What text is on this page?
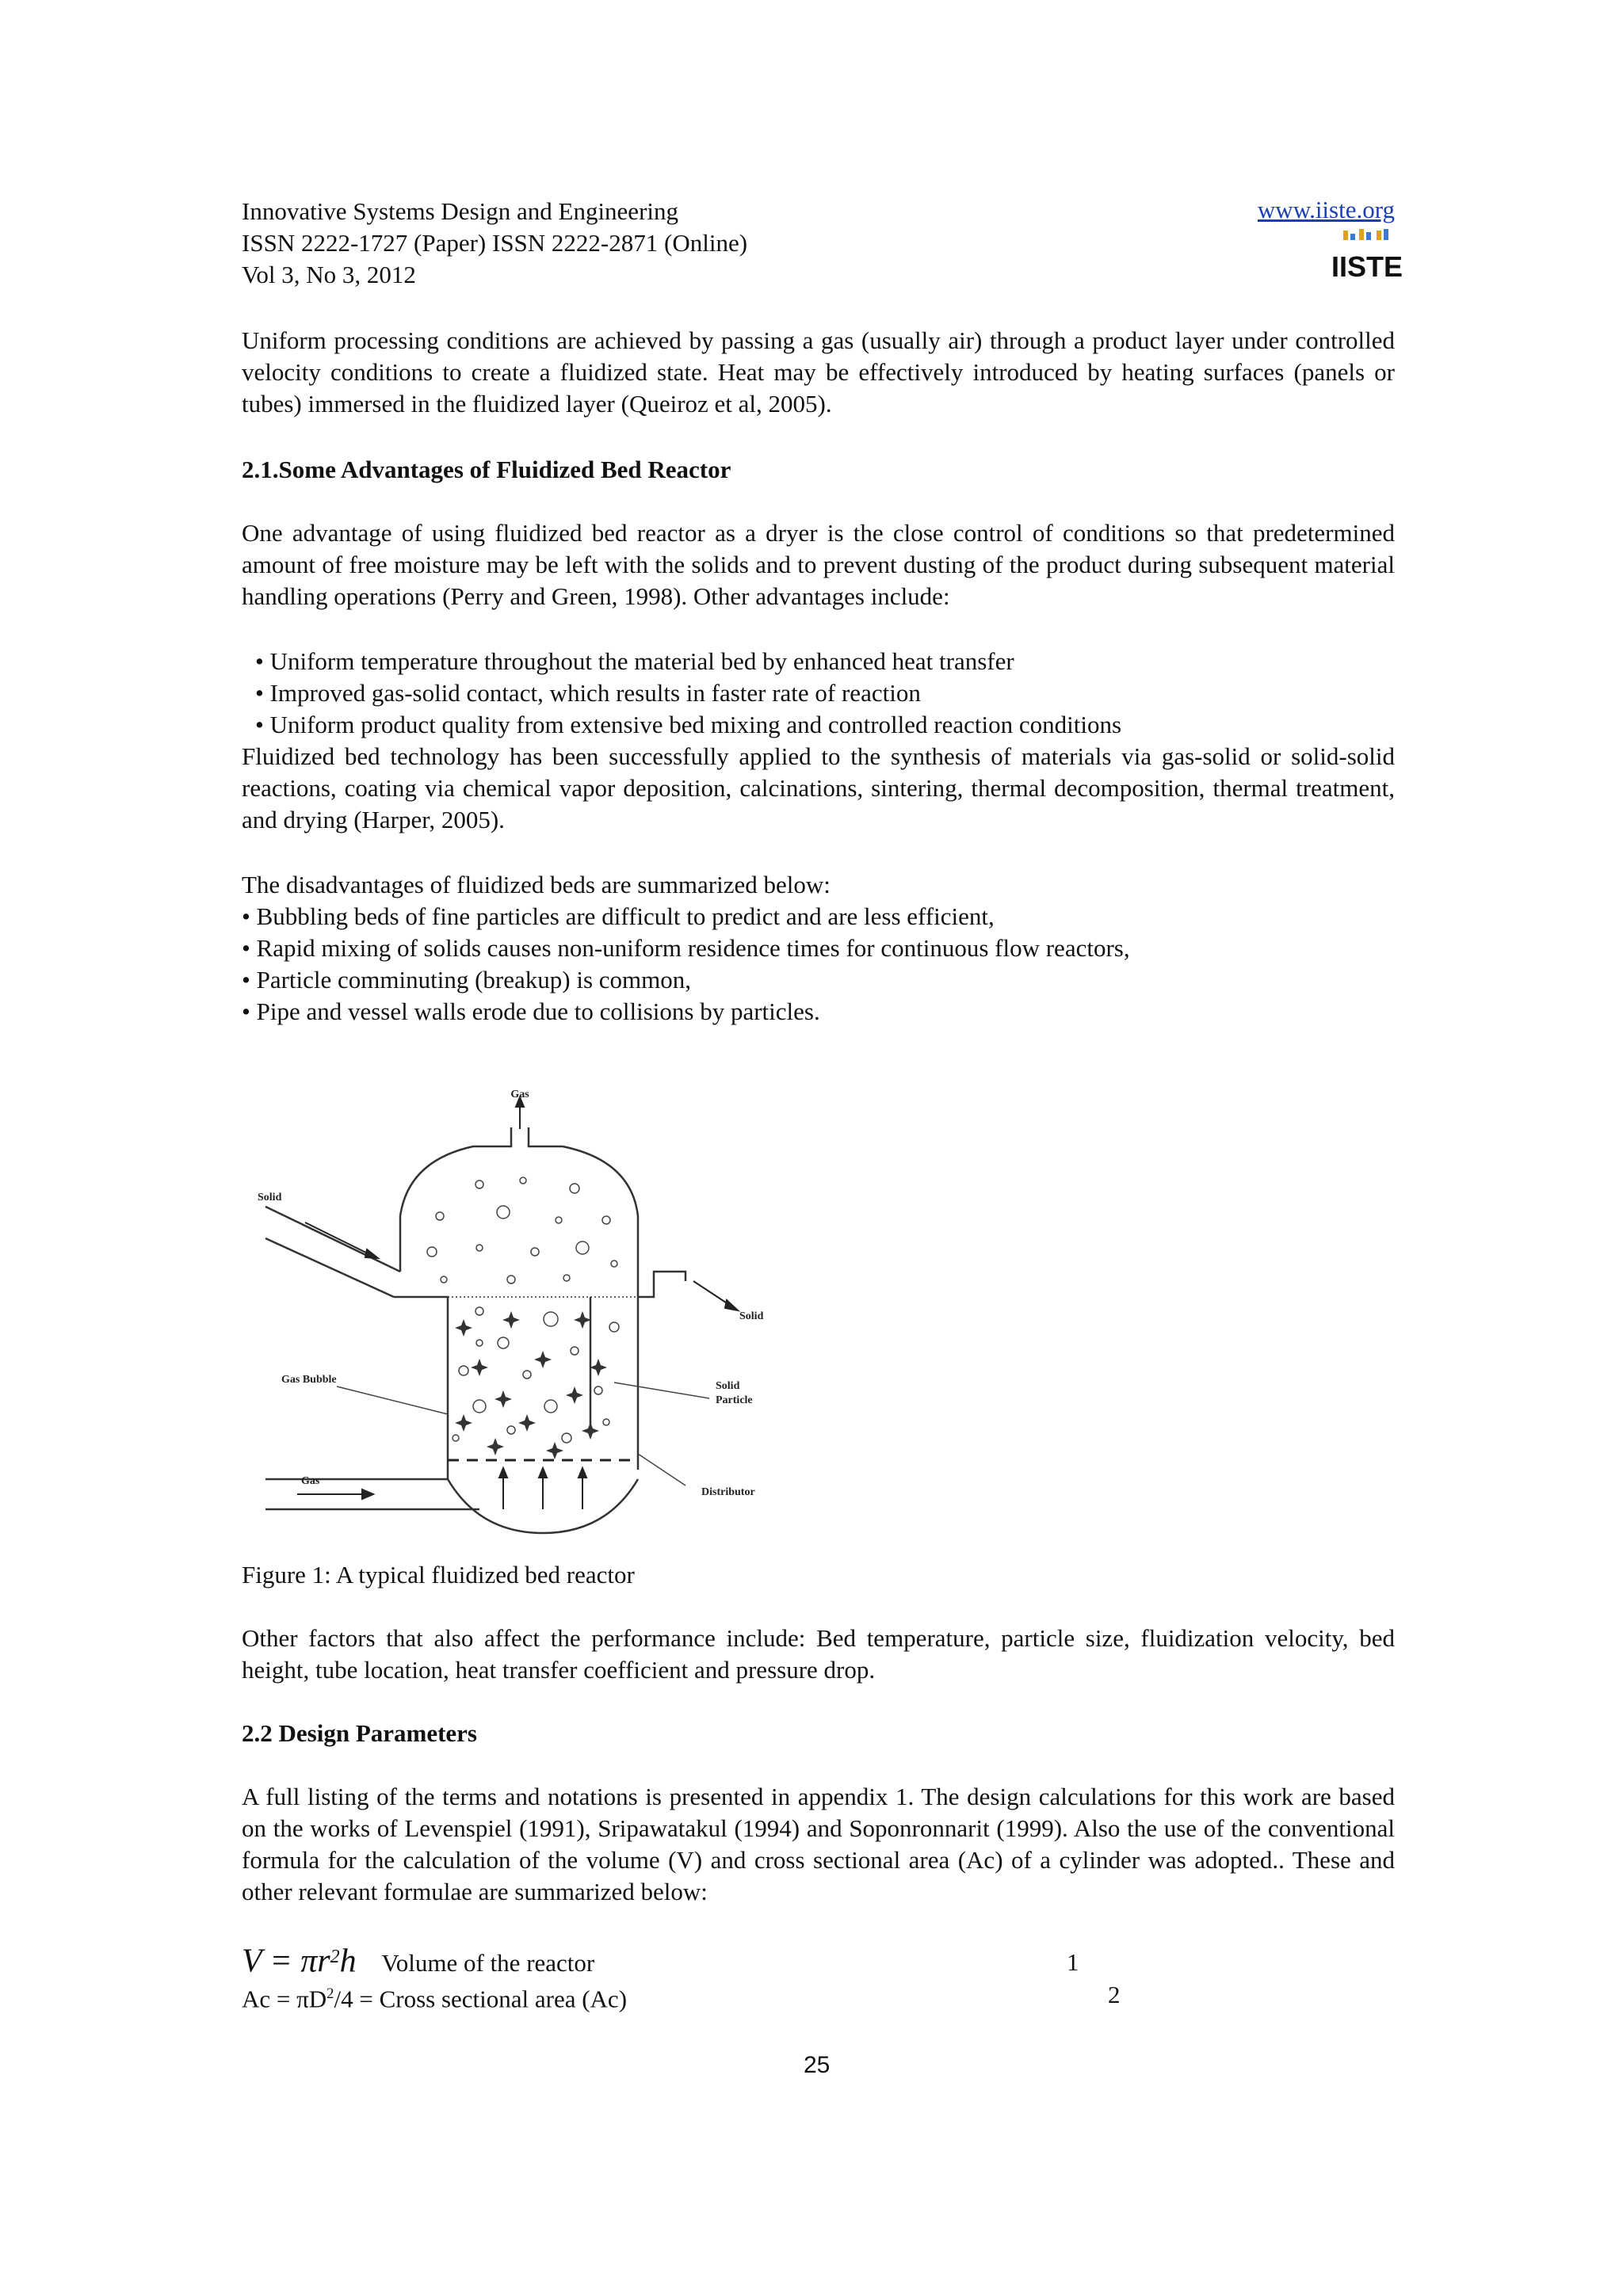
Innovative Systems Design and Engineering
ISSN 2222-1727 (Paper) ISSN 2222-2871 (Online)
Vol 3, No 3, 2012
www.iiste.org
IISTE
Uniform processing conditions are achieved by passing a gas (usually air) through a product layer under controlled velocity conditions to create a fluidized state. Heat may be effectively introduced by heating surfaces (panels or tubes) immersed in the fluidized layer (Queiroz et al, 2005).
2.1.Some Advantages of Fluidized Bed Reactor
One advantage of using fluidized bed reactor as a dryer is the close control of conditions so that predetermined amount of free moisture may be left with the solids and to prevent dusting of the product during subsequent material handling operations (Perry and Green, 1998). Other advantages include:
• Uniform temperature throughout the material bed by enhanced heat transfer
• Improved gas-solid contact, which results in faster rate of reaction
• Uniform product quality from extensive bed mixing and controlled reaction conditions
Fluidized bed technology has been successfully applied to the synthesis of materials via gas-solid or solid-solid reactions, coating via chemical vapor deposition, calcinations, sintering, thermal decomposition, thermal treatment, and drying (Harper, 2005).
The disadvantages of fluidized beds are summarized below:
• Bubbling beds of fine particles are difficult to predict and are less efficient,
• Rapid mixing of solids causes non-uniform residence times for continuous flow reactors,
• Particle comminuting (breakup) is common,
• Pipe and vessel walls erode due to collisions by particles.
Gas
Solid
Solid
Gas Bubble
Solid
Particle
Gas
Distributor
Figure 1: A typical fluidized bed reactor
Other factors that also affect the performance include: Bed temperature, particle size, fluidization velocity, bed height, tube location, heat transfer coefficient and pressure drop.
2.2 Design Parameters
A full listing of the terms and notations is presented in appendix 1. The design calculations for this work are based on the works of Levenspiel (1991), Sripawatakul (1994) and Soponronnarit (1999). Also the use of the conventional formula for the calculation of the volume (V) and cross sectional area (Ac) of a cylinder was adopted.. These and other relevant formulae are summarized below:
$V = \pi r^2h$ Volume of the reactor	1
$Ac = \pi D^2/4$ = Cross sectional area (Ac)	2
25
